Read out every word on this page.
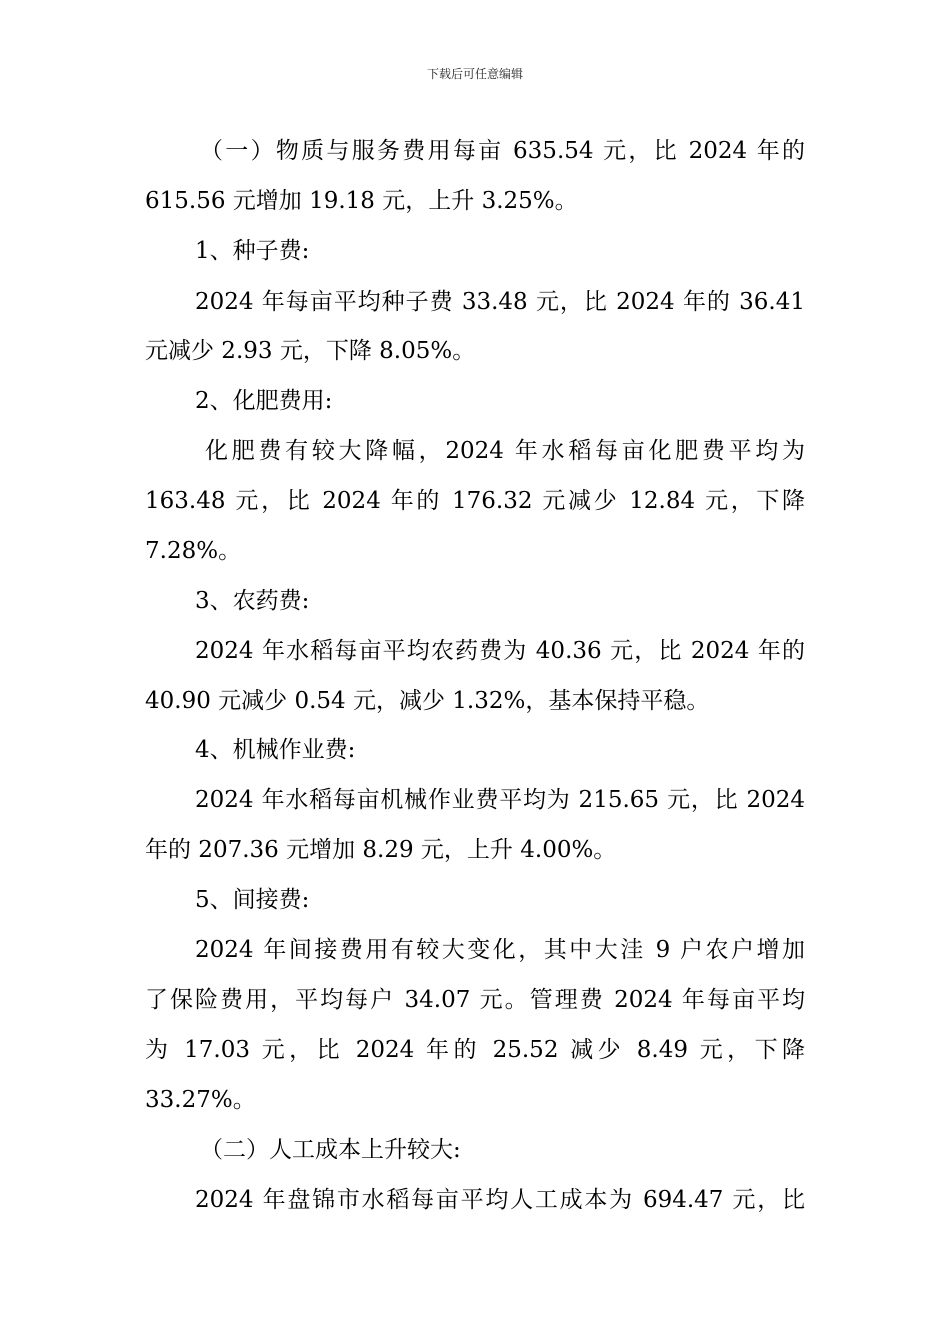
下载后可任意编辑
（一）物质与服务费用每亩 635.54 元，比 2024 年的
615.56 元增加 19.18 元，上升 3.25%。
1、种子费:
2024 年每亩平均种子费 33.48 元，比 2024 年的 36.41
元减少 2.93 元，下降 8.05%。
2、化肥费用:
化肥费有较大降幅，2024 年水稻每亩化肥费平均为
163.48 元，比 2024 年的 176.32 元减少 12.84 元，下降
7.28%。
3、农药费:
2024 年水稻每亩平均农药费为 40.36 元，比 2024 年的
40.90 元减少 0.54 元，减少 1.32%，基本保持平稳。
4、机械作业费:
2024 年水稻每亩机械作业费平均为 215.65 元，比 2024
年的 207.36 元增加 8.29 元，上升 4.00%。
5、间接费:
2024 年间接费用有较大变化，其中大洼 9 户农户增加
了保险费用，平均每户 34.07 元。管理费 2024 年每亩平均
为 17.03 元，比 2024 年的 25.52 减少 8.49 元，下降
33.27%。
（二）人工成本上升较大:
2024 年盘锦市水稻每亩平均人工成本为 694.47 元，比
